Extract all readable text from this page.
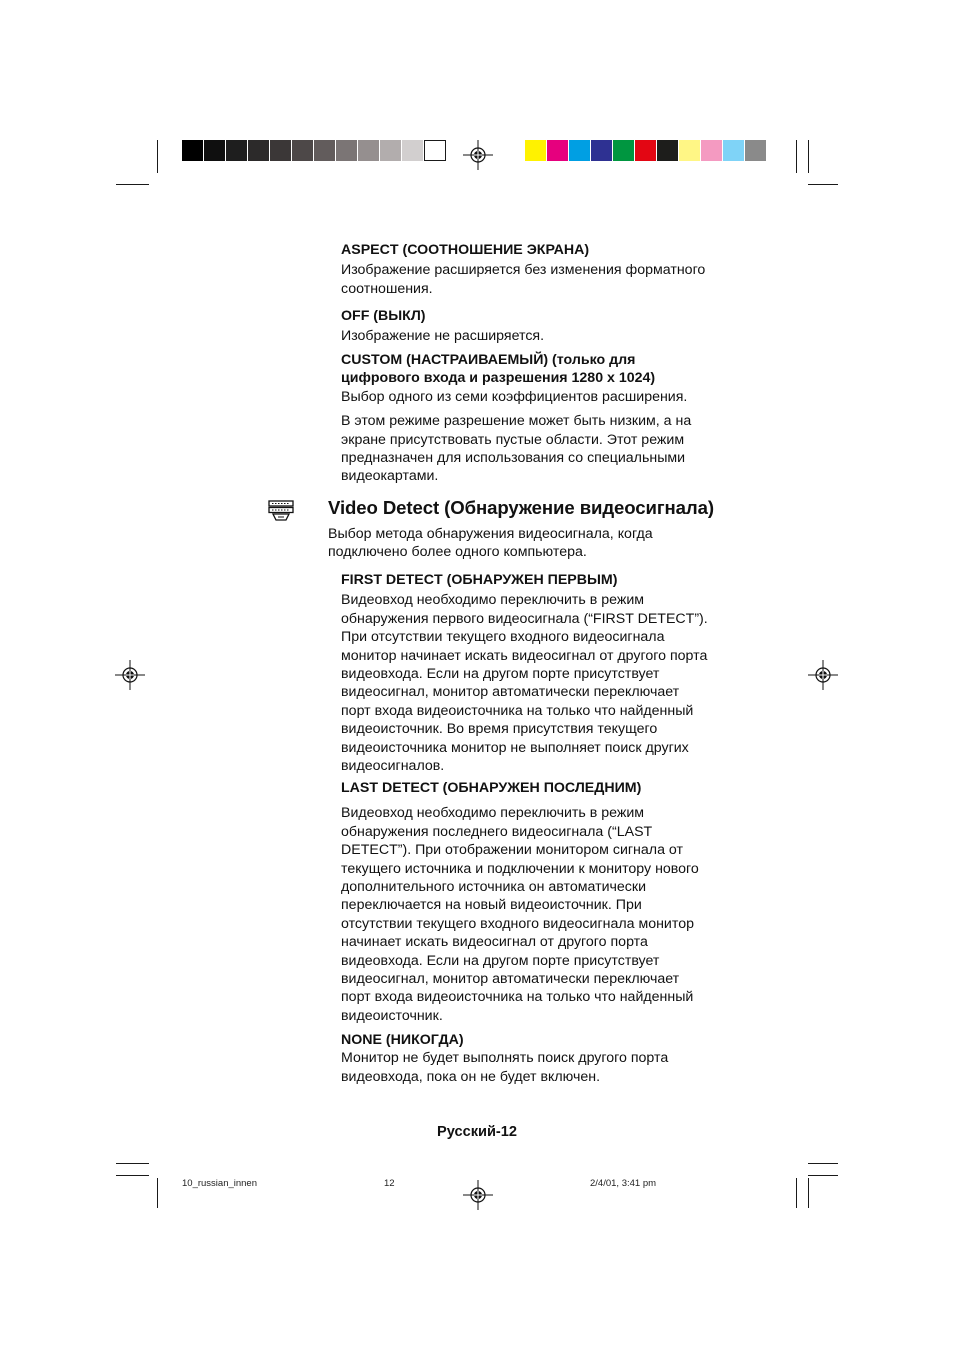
ASPECT (СООТНОШЕНИЕ ЭКРАНА)

Изображение расширяется без изменения форматного
соотношения.

OFF (ВЫКЛ)

Изображение не расширяется.

CUSTOM (НАСТРАИВАЕМЫЙ) (только для
цифрового входа и разрешения 1280 x 1024)

Выбор одного из семи коэффициентов расширения.

В этом режиме разрешение может быть низким, а на
экране присутствовать пустые области. Этот режим
предназначен для использования со специальными
видеокартами.

Video Detect (Обнаружение видеосигнала)

Выбор метода обнаружения видеосигнала, когда
подключено более одного компьютера.

FIRST DETECT (ОБНАРУЖЕН ПЕРВЫМ)

Видеовход необходимо переключить в режим
обнаружения первого видеосигнала (“FIRST DETECT”).
При отсутствии текущего входного видеосигнала
монитор начинает искать видеосигнал от другого порта
видеовхода. Если на другом порте присутствует
видеосигнал, монитор автоматически переключает
порт входа видеоисточника на только что найденный
видеоисточник. Во время присутствия текущего
видеоисточника монитор не выполняет поиск других
видеосигналов.

LAST DETECT (ОБНАРУЖЕН ПОСЛЕДНИМ)

Видеовход необходимо переключить в режим
обнаружения последнего видеосигнала (“LAST
DETECT”). При отображении монитором сигнала от
текущего источника и подключении к монитору нового
дополнительного источника он автоматически
переключается на новый видеоисточник. При
отсутствии текущего входного видеосигнала монитор
начинает искать видеосигнал от другого порта
видеовхода. Если на другом порте присутствует
видеосигнал, монитор автоматически переключает
порт входа видеоисточника на только что найденный
видеоисточник.

NONE (НИКОГДА)

Монитор не будет выполнять поиск другого порта
видеовхода, пока он не будет включен.

Русский-12
10_russian_innen	12	2/4/01, 3:41 pm
